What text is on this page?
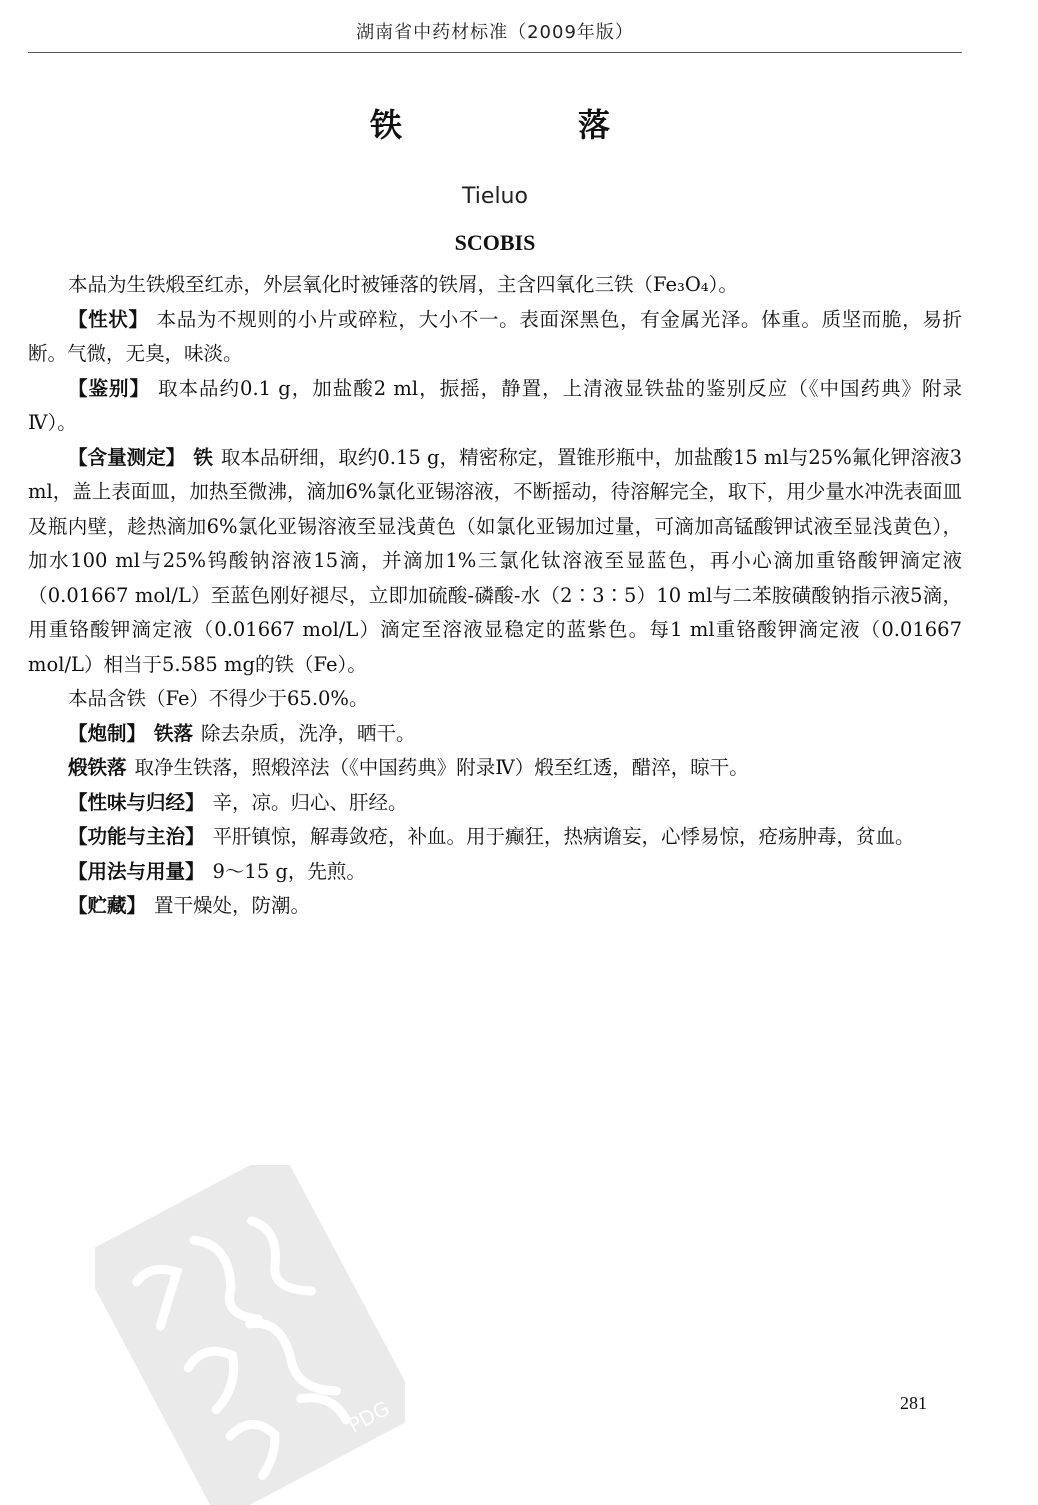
湖南省中药材标准（2009年版）
铁　落
Tieluo
SCOBIS

本品为生铁煅至红赤，外层氧化时被锤落的铁屑，主含四氧化三铁（Fe₃O₄）。

【性状】 本品为不规则的小片或碎粒，大小不一。表面深黑色，有金属光泽。体重。质坚而脆，易折断。气微，无臭，味淡。

【鉴别】 取本品约0.1 g，加盐酸2 ml，振摇，静置，上清液显铁盐的鉴别反应（《中国药典》附录Ⅳ）。

【含量测定】 铁 取本品研细，取约0.15 g，精密称定，置锥形瓶中，加盐酸15 ml与25%氟化钾溶液3 ml，盖上表面皿，加热至微沸，滴加6%氯化亚锡溶液，不断摇动，待溶解完全，取下，用少量水冲洗表面皿及瓶内壁，趁热滴加6%氯化亚锡溶液至显浅黄色（如氯化亚锡加过量，可滴加高锰酸钾试液至显浅黄色），加水100 ml与25%钨酸钠溶液15滴，并滴加1%三氯化钛溶液至显蓝色，再小心滴加重铬酸钾滴定液（0.01667 mol/L）至蓝色刚好褪尽，立即加硫酸-磷酸-水（2∶3∶5）10 ml与二苯胺磺酸钠指示液5滴，用重铬酸钾滴定液（0.01667 mol/L）滴定至溶液显稳定的蓝紫色。每1 ml重铬酸钾滴定液（0.01667 mol/L）相当于5.585 mg的铁（Fe）。

本品含铁（Fe）不得少于65.0%。

【炮制】 铁落 除去杂质，洗净，晒干。

煅铁落 取净生铁落，照煅淬法（《中国药典》附录Ⅳ）煅至红透，醋淬，晾干。

【性味与归经】 辛，凉。归心、肝经。

【功能与主治】 平肝镇惊，解毒敛疮，补血。用于癫狂，热病谵妄，心悸易惊，疮疡肿毒，贫血。

【用法与用量】 9～15 g，先煎。

【贮藏】 置干燥处，防潮。

PDG	281
